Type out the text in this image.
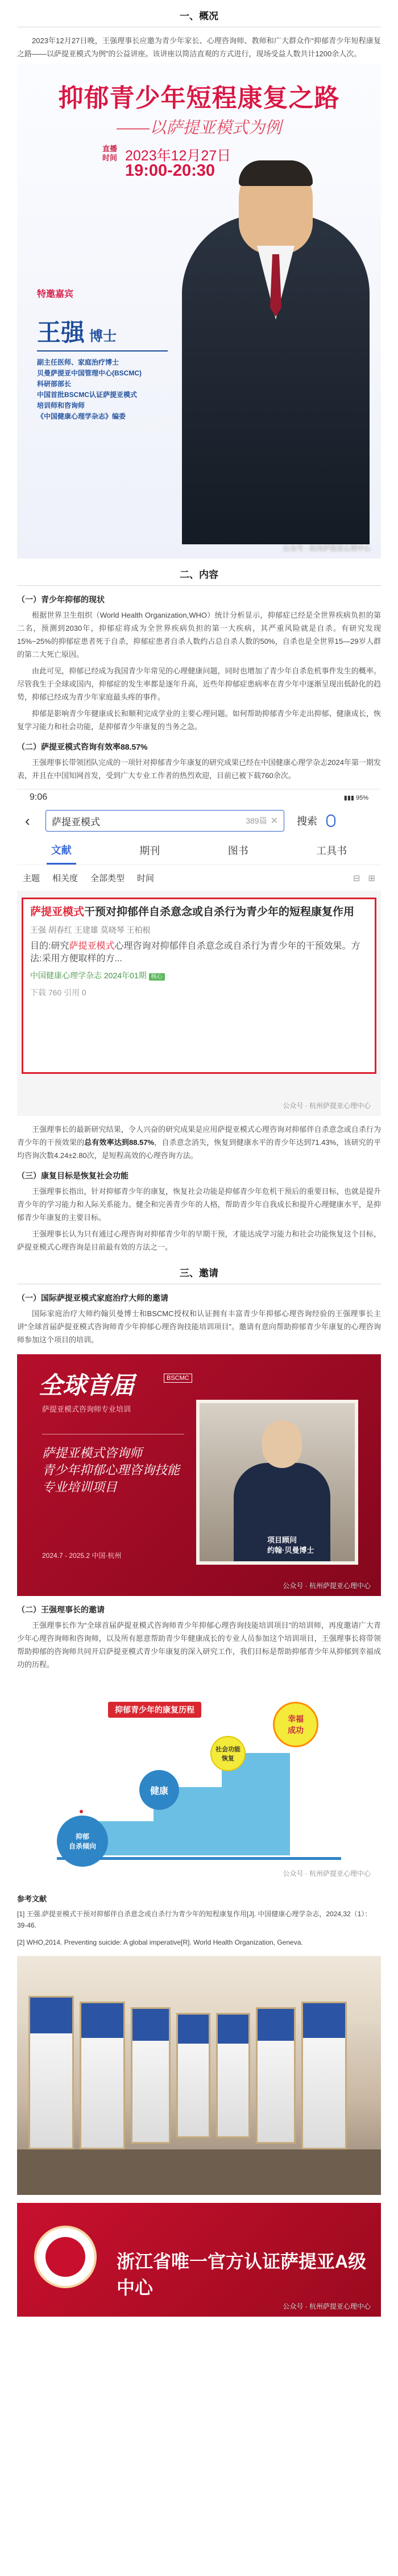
一、概况

2023年12月27日晚，王强理事长应邀为青少年家长、心理咨询师、教师和广大群众作“抑郁青少年短程康复之路——以萨提亚模式为例”的公益讲座。该讲座以简洁直观的方式进行，现场受益人数共计1200余人次。

抑郁青少年短程康复之路
——以萨提亚模式为例
直播时间 2023年12月27日
19:00-20:30
特邀嘉宾
王强 博士
副主任医师、家庭治疗博士
贝曼萨提亚中国管理中心(BSCMC)
科研部部长
中国首批BSCMC认证萨提亚模式
培训师和咨询师
《中国健康心理学杂志》编委
公众号 · 杭州萨提亚心理中心
二、内容
（一）青少年抑郁的现状

根据世界卫生组织（World Health Organization,WHO）统计分析显示，抑郁症已经是全世界疾病负担的第二名，预测到2030年，抑郁症将成为全世界疾病负担的第一大疾病，其严重风险就是自杀。有研究发现15%~25%的抑郁症患者死于自杀，抑郁症患者自杀人数约占总自杀人数的50%，自杀也是全世界15—29岁人群的第二大死亡原因。

由此可见，抑郁已经成为我国青少年常见的心理健康问题，同时也增加了青少年自杀危机事件发生的概率。尽管我生于全球或国内，抑郁症的发生率都是逐年升高，近些年抑郁症患病率在青少年中逐渐呈现出低龄化的趋势，抑郁已经成为青少年家庭最头疼的事件。

抑郁是影响青少年健康成长和顺利完成学业的主要心理问题。如何帮助抑郁青少年走出抑郁、健康成长，恢复学习能力和社会功能，是抑郁青少年康复的当务之急。

（二）萨提亚模式咨询有效率88.57%

王强理事长带领团队完成的一项针对抑郁青少年康复的研究成果已经在中国健康心理学杂志2024年第一期发表，并且在中国知网首发，受到广大专业工作者的热烈欢迎，目前已被下载760余次。

9:06	▮▮▮ 95%
‹	萨提亚模式	389篇 ✕ 搜索
文献	期刊	图书	工具书
主题 相关度 全部类型 时间	⊟ ⊞
萨提亚模式干预对抑郁伴自杀意念或自杀行为青少年的短程康复作用
王强 胡春红 王建雄 莫晓琴 王柏根
目的:研究萨提亚模式心理咨询对抑郁伴自杀意念或自杀行为青少年的干预效果。方法:采用方便取样的方...
中国健康心理学杂志 2024年01期 核心
下载 760 引用 0
公众号 · 杭州萨提亚心理中心

王强理事长的最新研究结果，令人兴奋的研究成果是应用萨提亚模式心理咨询对抑郁伴自杀意念或自杀行为青少年的干预效果的总有效率达到88.57%，自杀意念消失，恢复到健康水平的青少年达到71.43%，该研究的平均咨询次数4.24±2.80次，是短程高效的心理咨询方法。

（三）康复目标是恢复社会功能

王强理事长指出，针对抑郁青少年的康复，恢复社会功能是抑郁青少年危机干预后的重要目标，也就是提升青少年的学习能力和人际关系能力。健全和完善青少年的人格，帮助青少年自我成长和提升心理健康水平，是抑郁青少年康复的主要目标。

王强理事长认为只有通过心理咨询对抑郁青少年的早期干预，才能达成学习能力和社会功能恢复这个目标，萨提亚模式心理咨询是目前最有效的方法之一。

三、邀请
（一）国际萨提亚模式家庭治疗大师的邀请

国际家庭治疗大师约翰贝曼博士和BSCMC授权和认证拥有丰富青少年抑郁心理咨询经验的王强理事长主讲“全球首届萨提亚模式咨询师青少年抑郁心理咨询技能培训项目”。邀请有意向帮助抑郁青少年康复的心理咨询师参加这个项目的培训。

全球首届	BSCMC
萨提亚模式咨询师专业培训
萨提亚模式咨询师
青少年抑郁心理咨询技能
专业培训项目
2024.7 - 2025.2 中国·杭州
项目顾问
约翰·贝曼博士
公众号 · 杭州萨提亚心理中心
（二）王强理事长的邀请

王强理事长作为“全球首届萨提亚模式咨询师青少年抑郁心理咨询技能培训项目”的培训师，再度邀请广大青少年心理咨询师和咨询师，以及所有愿意帮助青少年健康成长的专业人员参加这个培训项目，王强理事长将带领帮助抑郁的咨询师共同开启萨提亚模式青少年康复的深入研究工作，我们目标是帮助抑郁青少年从抑郁到幸福成功的历程。

抑郁青少年的康复历程
抑郁
自杀倾向
健康
社会功能
恢复
幸福
成功
公众号 · 杭州萨提亚心理中心
参考文献
[1] 王强.萨提亚模式干预对抑郁伴自杀意念或自杀行为青少年的短程康复作用[J]. 中国健康心理学杂志，2024,32（1）：39-46.
[2] WHO,2014. Preventing suicide: A global imperative[R]. World Health Organization, Geneva.
浙江省唯一官方认证萨提亚A级中心
公众号 · 杭州萨提亚心理中心
